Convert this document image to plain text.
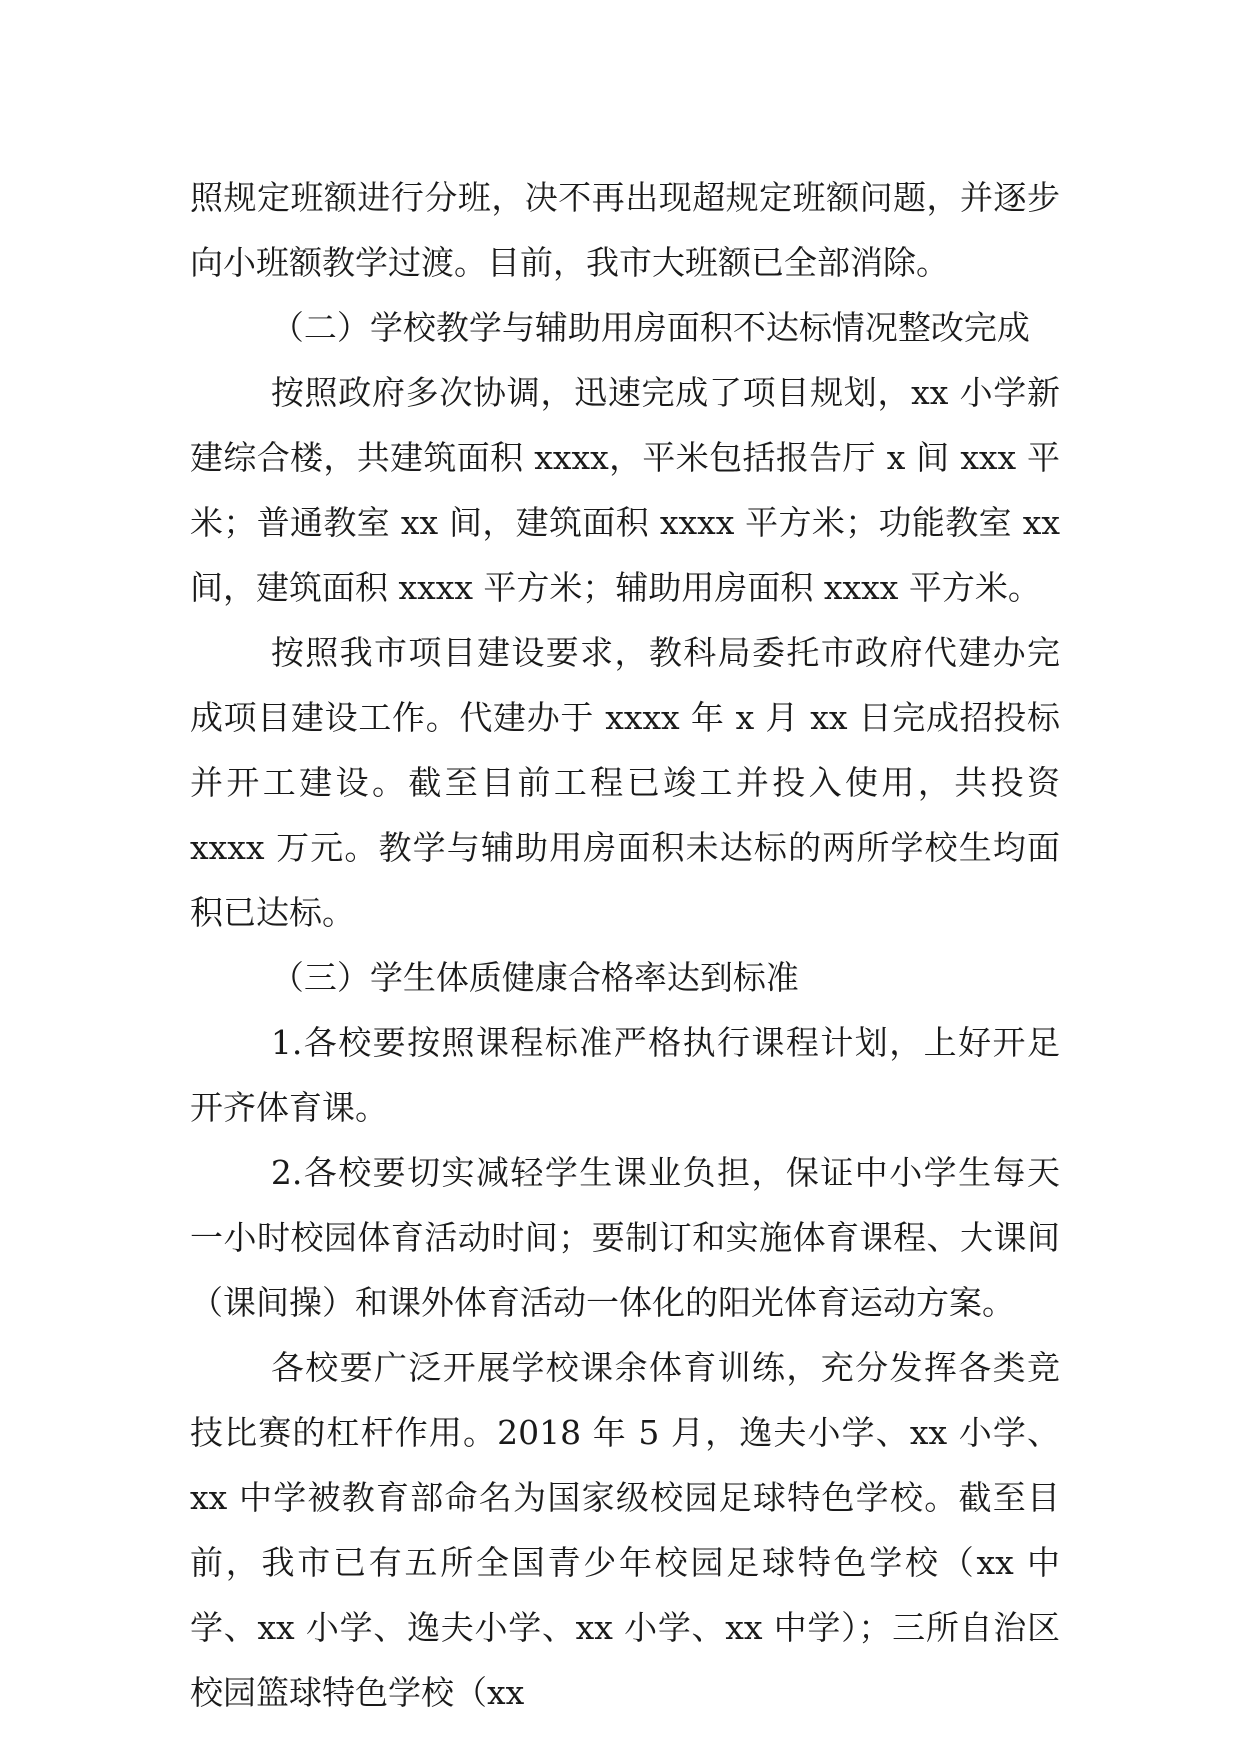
照规定班额进行分班，决不再出现超规定班额问题，并逐步向小班额教学过渡。目前，我市大班额已全部消除。

（二）学校教学与辅助用房面积不达标情况整改完成

按照政府多次协调，迅速完成了项目规划，xx 小学新建综合楼，共建筑面积 xxxx，平米包括报告厅 x 间 xxx 平米；普通教室 xx 间，建筑面积 xxxx 平方米；功能教室 xx 间，建筑面积 xxxx 平方米；辅助用房面积 xxxx 平方米。

按照我市项目建设要求，教科局委托市政府代建办完成项目建设工作。代建办于 xxxx 年 x 月 xx 日完成招投标并开工建设。截至目前工程已竣工并投入使用，共投资 xxxx 万元。教学与辅助用房面积未达标的两所学校生均面积已达标。

（三）学生体质健康合格率达到标准

1.各校要按照课程标准严格执行课程计划，上好开足开齐体育课。

2.各校要切实减轻学生课业负担，保证中小学生每天一小时校园体育活动时间；要制订和实施体育课程、大课间（课间操）和课外体育活动一体化的阳光体育运动方案。

各校要广泛开展学校课余体育训练，充分发挥各类竞技比赛的杠杆作用。2018 年 5 月，逸夫小学、xx 小学、xx 中学被教育部命名为国家级校园足球特色学校。截至目前，我市已有五所全国青少年校园足球特色学校（xx 中学、xx 小学、逸夫小学、xx 小学、xx 中学）；三所自治区校园篮球特色学校（xx
